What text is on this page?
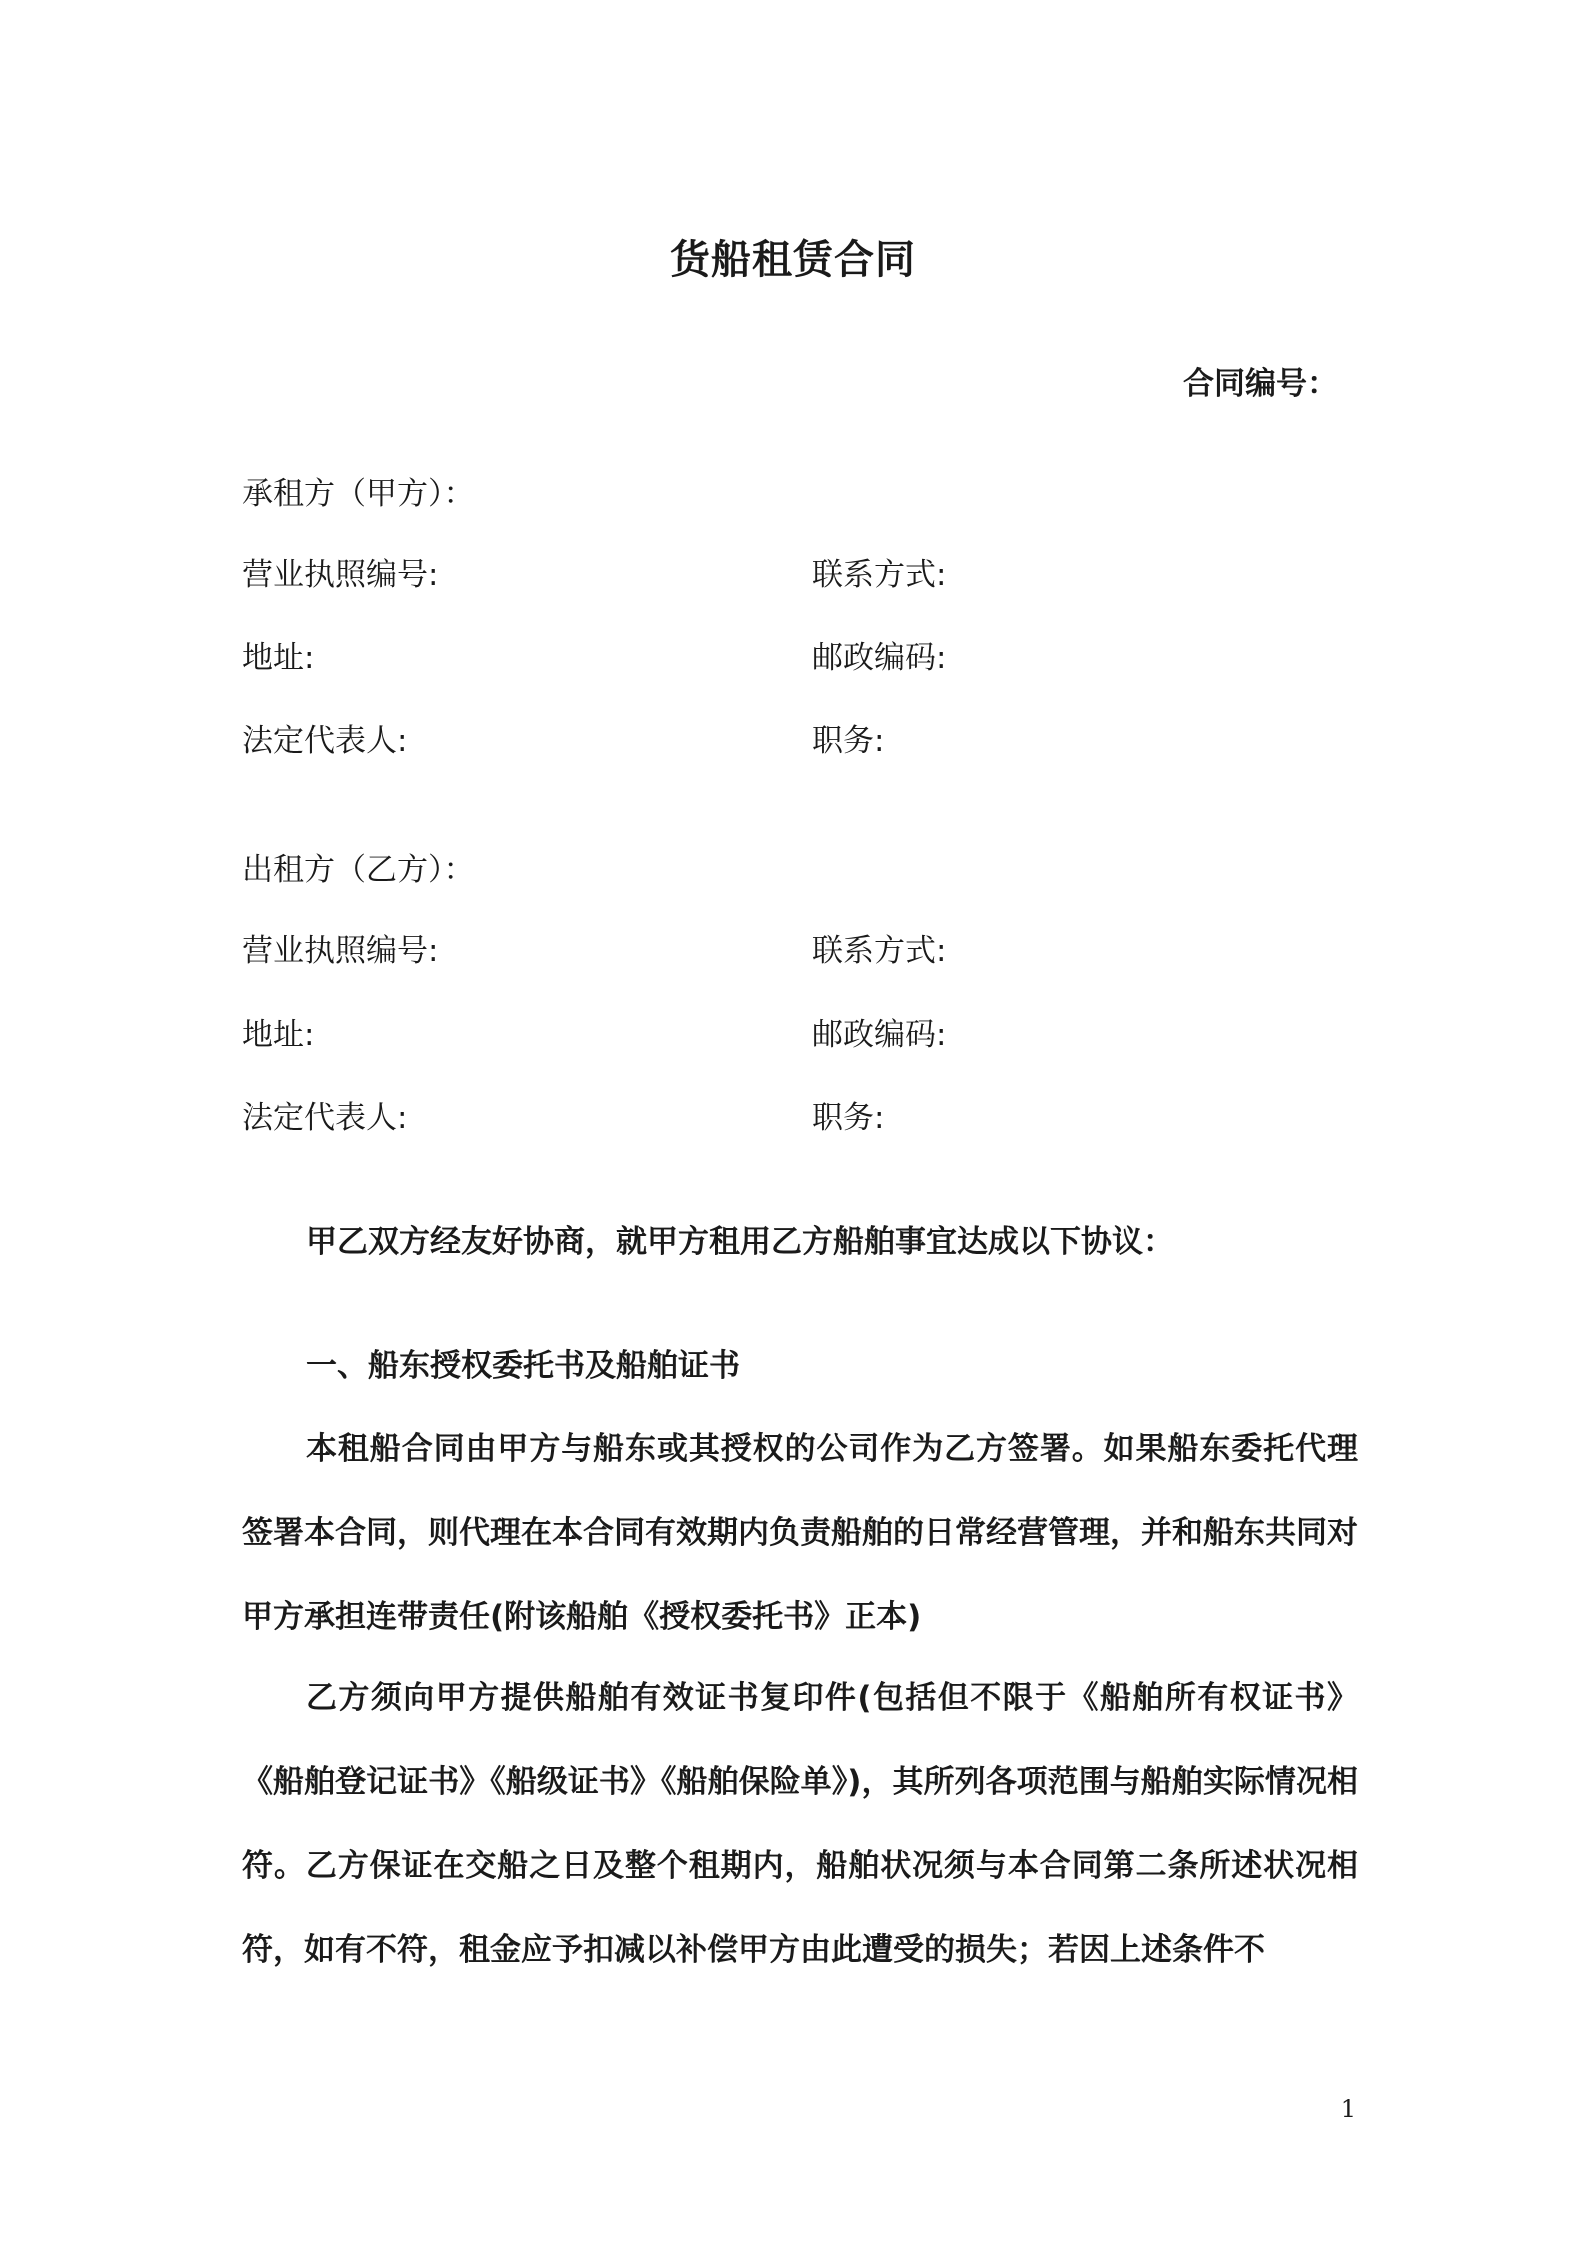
货船租赁合同
合同编号：
承租方（甲方）：
营业执照编号:	联系方式:
地址:	邮政编码:
法定代表人:	职务:
出租方（乙方）：
营业执照编号:	联系方式:
地址:	邮政编码:
法定代表人:	职务:
甲乙双方经友好协商，就甲方租用乙方船舶事宜达成以下协议：
一、船东授权委托书及船舶证书
本租船合同由甲方与船东或其授权的公司作为乙方签署。如果船东委托代理签署本合同，则代理在本合同有效期内负责船舶的日常经营管理，并和船东共同对甲方承担连带责任(附该船舶《授权委托书》正本)
乙方须向甲方提供船舶有效证书复印件(包括但不限于《船舶所有权证书》《船舶登记证书》《船级证书》《船舶保险单》)，其所列各项范围与船舶实际情况相符。乙方保证在交船之日及整个租期内，船舶状况须与本合同第二条所述状况相符，如有不符，租金应予扣减以补偿甲方由此遭受的损失；若因上述条件不
1
